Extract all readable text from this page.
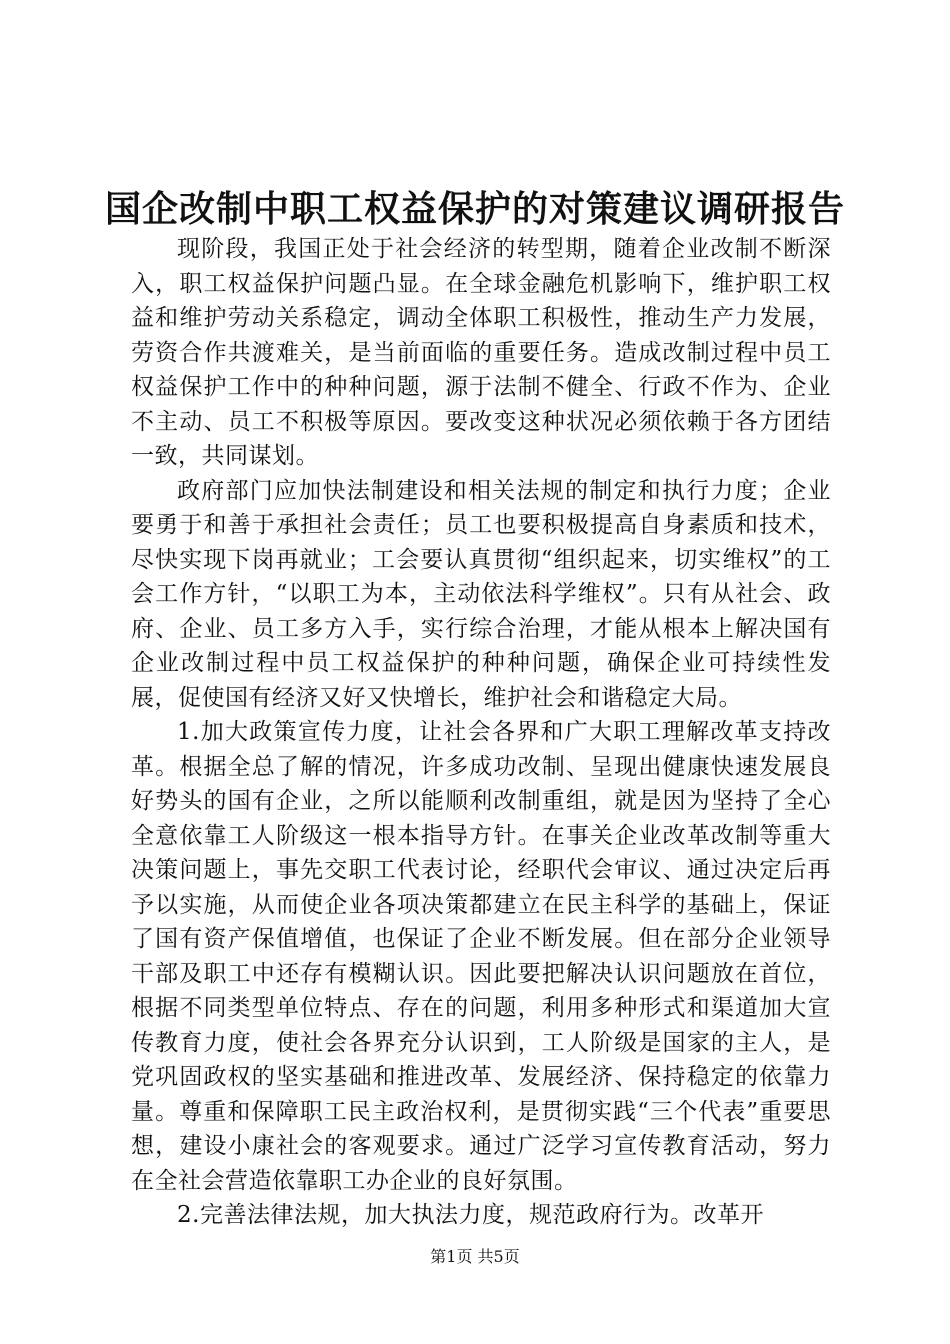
国企改制中职工权益保护的对策建议调研报告

现阶段，我国正处于社会经济的转型期，随着企业改制不断深入，职工权益保护问题凸显。在全球金融危机影响下，维护职工权益和维护劳动关系稳定，调动全体职工积极性，推动生产力发展，劳资合作共渡难关，是当前面临的重要任务。造成改制过程中员工权益保护工作中的种种问题，源于法制不健全、行政不作为、企业不主动、员工不积极等原因。要改变这种状况必须依赖于各方团结一致，共同谋划。

政府部门应加快法制建设和相关法规的制定和执行力度；企业要勇于和善于承担社会责任；员工也要积极提高自身素质和技术，尽快实现下岗再就业；工会要认真贯彻“组织起来，切实维权”的工会工作方针，“以职工为本，主动依法科学维权”。只有从社会、政府、企业、员工多方入手，实行综合治理，才能从根本上解决国有企业改制过程中员工权益保护的种种问题，确保企业可持续性发展，促使国有经济又好又快增长，维护社会和谐稳定大局。

1.加大政策宣传力度，让社会各界和广大职工理解改革支持改革。根据全总了解的情况，许多成功改制、呈现出健康快速发展良好势头的国有企业，之所以能顺利改制重组，就是因为坚持了全心全意依靠工人阶级这一根本指导方针。在事关企业改革改制等重大决策问题上，事先交职工代表讨论，经职代会审议、通过决定后再予以实施，从而使企业各项决策都建立在民主科学的基础上，保证了国有资产保值增值，也保证了企业不断发展。但在部分企业领导干部及职工中还存有模糊认识。因此要把解决认识问题放在首位，根据不同类型单位特点、存在的问题，利用多种形式和渠道加大宣传教育力度，使社会各界充分认识到，工人阶级是国家的主人，是党巩固政权的坚实基础和推进改革、发展经济、保持稳定的依靠力量。尊重和保障职工民主政治权利，是贯彻实践“三个代表”重要思想，建设小康社会的客观要求。通过广泛学习宣传教育活动，努力在全社会营造依靠职工办企业的良好氛围。

2.完善法律法规，加大执法力度，规范政府行为。改革开

第1页 共5页
